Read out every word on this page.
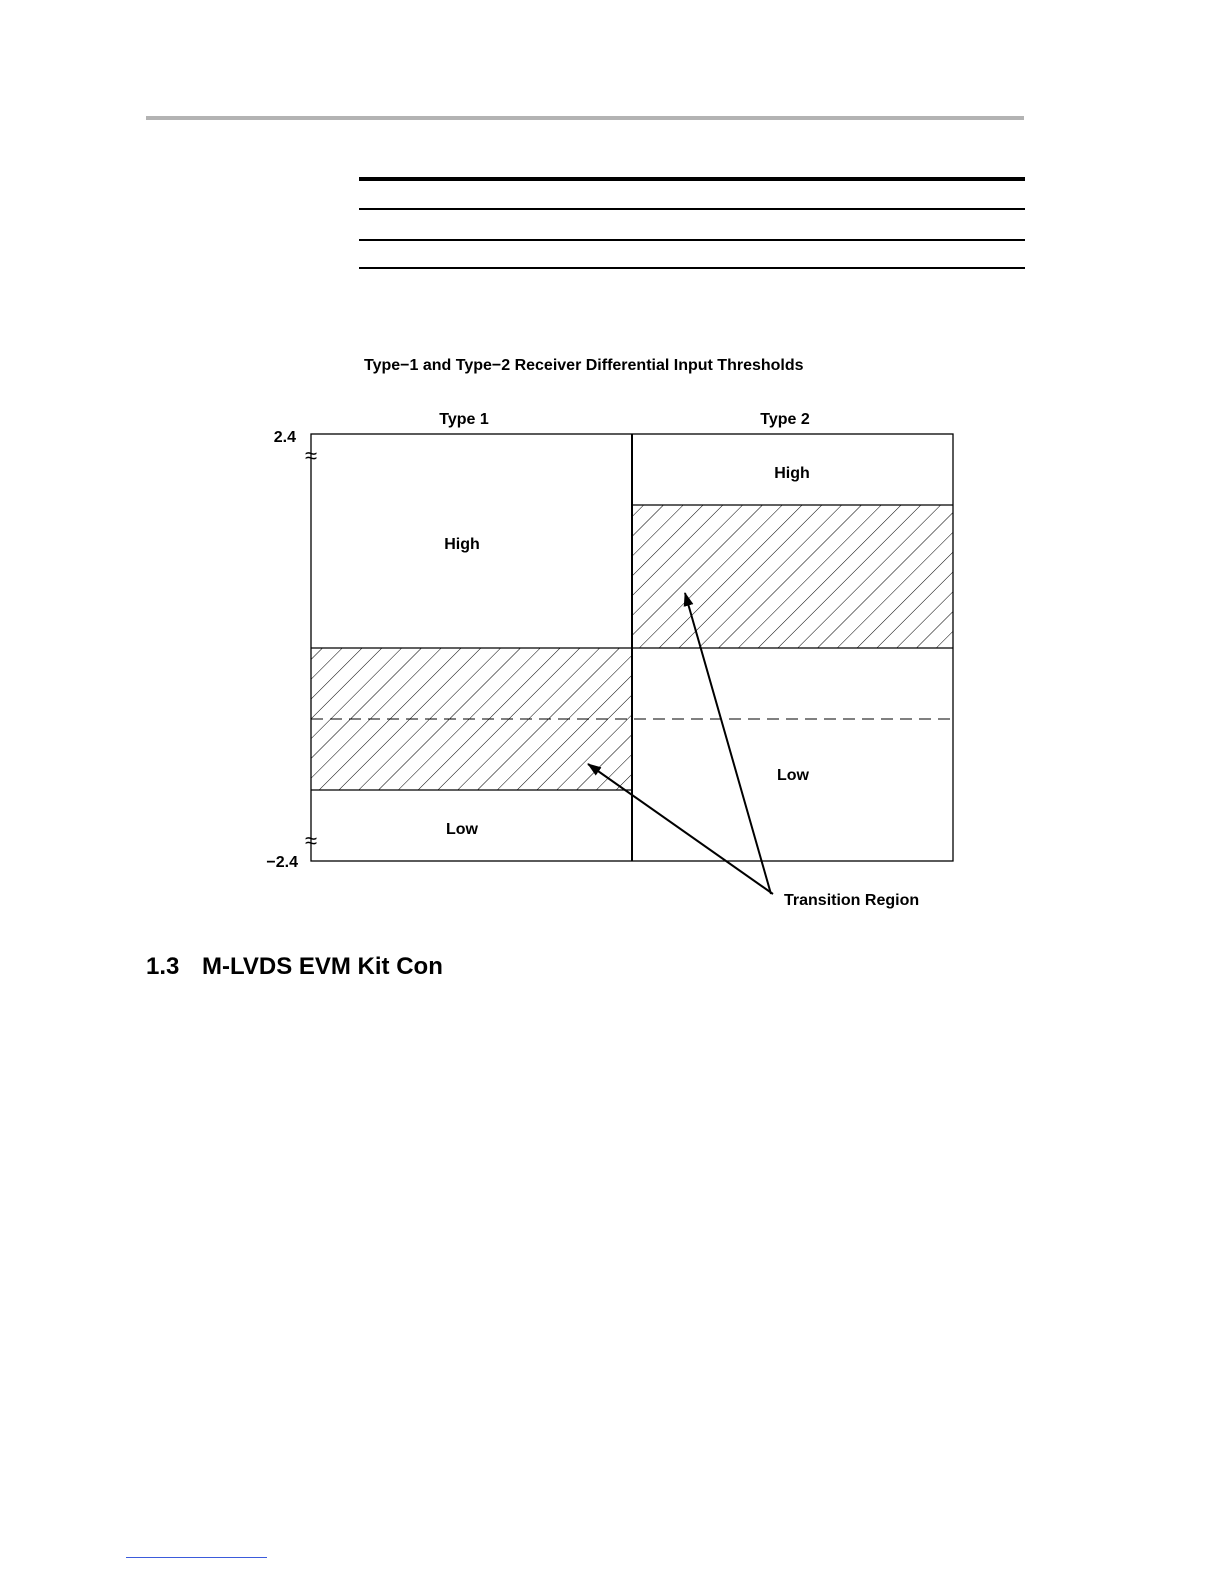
Type−1 and Type−2 Receiver Differential Input Thresholds
Type 1	Type 2
2.4
−2.4
≈
≈
High
Low
High
Low
Transition Region
1.3 M-LVDS EVM Kit Con
